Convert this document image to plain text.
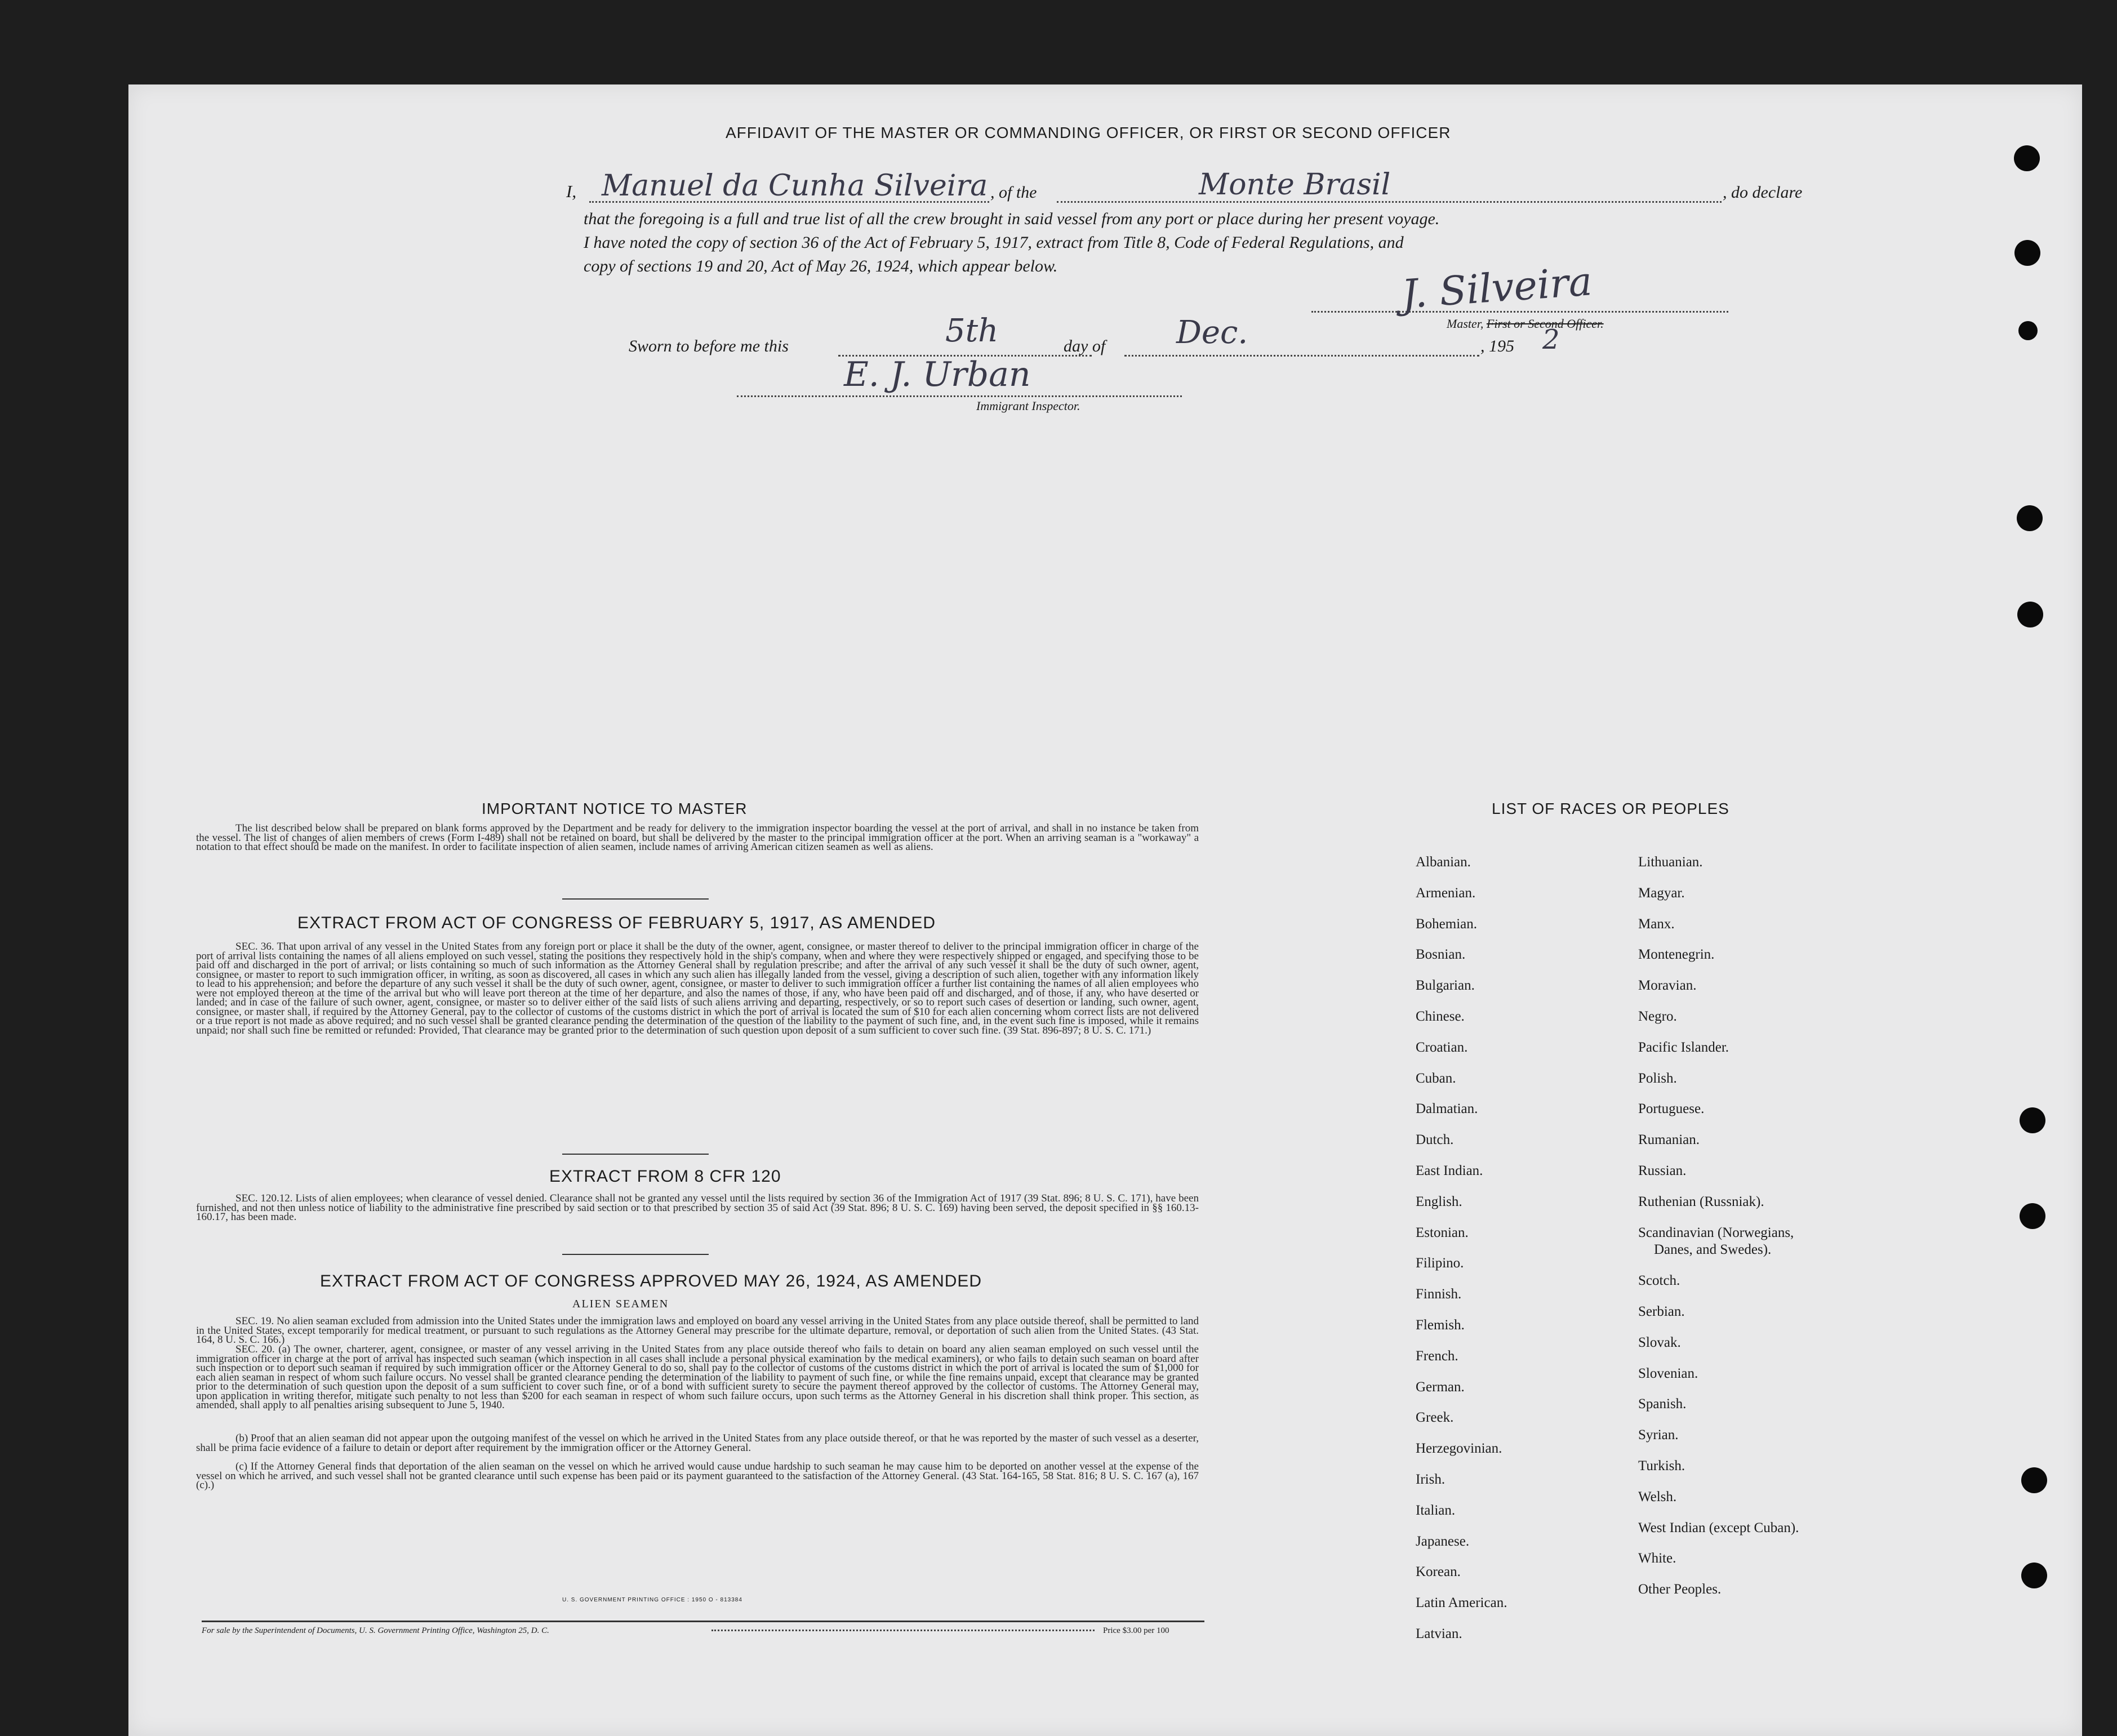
AFFIDAVIT OF THE MASTER OR COMMANDING OFFICER, OR FIRST OR SECOND OFFICER
I, Manuel da Cunha Silveira , of the	Monte Brasil	, do declare
that the foregoing is a full and true list of all the crew brought in said vessel from any port or place during her present voyage.
I have noted the copy of section 36 of the Act of February 5, 1917, extract from Title 8, Code of Federal Regulations, and
copy of sections 19 and 20, Act of May 26, 1924, which appear below.	J. Silveira
Master, First or Second Officer.
Sworn to before me this	5th	day of Dec.	, 195 2
E. J. Urban
Immigrant Inspector.
IMPORTANT NOTICE TO MASTER
The list described below shall be prepared on blank forms approved by the Department and be ready for delivery to the immigration inspector boarding the vessel at the port of arrival, and shall in no instance be taken from the vessel. The list of changes of alien members of crews (Form I-489) shall not be retained on board, but shall be delivered by the master to the principal immigration officer at the port. When an arriving seaman is a "workaway" a notation to that effect should be made on the manifest. In order to facilitate inspection of alien seamen, include names of arriving American citizen seamen as well as aliens.
EXTRACT FROM ACT OF CONGRESS OF FEBRUARY 5, 1917, AS AMENDED
SEC. 36. That upon arrival of any vessel in the United States from any foreign port or place it shall be the duty of the owner, agent, consignee, or master thereof to deliver to the principal immigration officer in charge of the port of arrival lists containing the names of all aliens employed on such vessel, stating the positions they respectively hold in the ship's company, when and where they were respectively shipped or engaged, and specifying those to be paid off and discharged in the port of arrival; or lists containing so much of such information as the Attorney General shall by regulation prescribe; and after the arrival of any such vessel it shall be the duty of such owner, agent, consignee, or master to report to such immigration officer, in writing, as soon as discovered, all cases in which any such alien has illegally landed from the vessel, giving a description of such alien, together with any information likely to lead to his apprehension; and before the departure of any such vessel it shall be the duty of such owner, agent, consignee, or master to deliver to such immigration officer a further list containing the names of all alien employees who were not employed thereon at the time of the arrival but who will leave port thereon at the time of her departure, and also the names of those, if any, who have been paid off and discharged, and of those, if any, who have deserted or landed; and in case of the failure of such owner, agent, consignee, or master so to deliver either of the said lists of such aliens arriving and departing, respectively, or so to report such cases of desertion or landing, such owner, agent, consignee, or master shall, if required by the Attorney General, pay to the collector of customs of the customs district in which the port of arrival is located the sum of $10 for each alien concerning whom correct lists are not delivered or a true report is not made as above required; and no such vessel shall be granted clearance pending the determination of the question of the liability to the payment of such fine, and, in the event such fine is imposed, while it remains unpaid; nor shall such fine be remitted or refunded: Provided, That clearance may be granted prior to the determination of such question upon deposit of a sum sufficient to cover such fine. (39 Stat. 896-897; 8 U. S. C. 171.)
EXTRACT FROM 8 CFR 120
SEC. 120.12. Lists of alien employees; when clearance of vessel denied. Clearance shall not be granted any vessel until the lists required by section 36 of the Immigration Act of 1917 (39 Stat. 896; 8 U. S. C. 171), have been furnished, and not then unless notice of liability to the administrative fine prescribed by said section or to that prescribed by section 35 of said Act (39 Stat. 896; 8 U. S. C. 169) having been served, the deposit specified in §§ 160.13-160.17, has been made.
EXTRACT FROM ACT OF CONGRESS APPROVED MAY 26, 1924, AS AMENDED
ALIEN SEAMEN
SEC. 19. No alien seaman excluded from admission into the United States under the immigration laws and employed on board any vessel arriving in the United States from any place outside thereof, shall be permitted to land in the United States, except temporarily for medical treatment, or pursuant to such regulations as the Attorney General may prescribe for the ultimate departure, removal, or deportation of such alien from the United States. (43 Stat. 164, 8 U. S. C. 166.)
SEC. 20. (a) The owner, charterer, agent, consignee, or master of any vessel arriving in the United States from any place outside thereof who fails to detain on board any alien seaman employed on such vessel until the immigration officer in charge at the port of arrival has inspected such seaman (which inspection in all cases shall include a personal physical examination by the medical examiners), or who fails to detain such seaman on board after such inspection or to deport such seaman if required by such immigration officer or the Attorney General to do so, shall pay to the collector of customs of the customs district in which the port of arrival is located the sum of $1,000 for each alien seaman in respect of whom such failure occurs. No vessel shall be granted clearance pending the determination of the liability to payment of such fine, or while the fine remains unpaid, except that clearance may be granted prior to the determination of such question upon the deposit of a sum sufficient to cover such fine, or of a bond with sufficient surety to secure the payment thereof approved by the collector of customs. The Attorney General may, upon application in writing therefor, mitigate such penalty to not less than $200 for each seaman in respect of whom such failure occurs, upon such terms as the Attorney General in his discretion shall think proper. This section, as amended, shall apply to all penalties arising subsequent to June 5, 1940.
(b) Proof that an alien seaman did not appear upon the outgoing manifest of the vessel on which he arrived in the United States from any place outside thereof, or that he was reported by the master of such vessel as a deserter, shall be prima facie evidence of a failure to detain or deport after requirement by the immigration officer or the Attorney General.
(c) If the Attorney General finds that deportation of the alien seaman on the vessel on which he arrived would cause undue hardship to such seaman he may cause him to be deported on another vessel at the expense of the vessel on which he arrived, and such vessel shall not be granted clearance until such expense has been paid or its payment guaranteed to the satisfaction of the Attorney General. (43 Stat. 164-165, 58 Stat. 816; 8 U. S. C. 167 (a), 167 (c).)
U. S. GOVERNMENT PRINTING OFFICE : 1950 O - 813384
For sale by the Superintendent of Documents, U. S. Government Printing Office, Washington 25, D. C.	Price $3.00 per 100
LIST OF RACES OR PEOPLES
Albanian.
Armenian.
Bohemian.
Bosnian.
Bulgarian.
Chinese.
Croatian.
Cuban.
Dalmatian.
Dutch.
East Indian.
English.
Estonian.
Filipino.
Finnish.
Flemish.
French.
German.
Greek.
Herzegovinian.
Irish.
Italian.
Japanese.
Korean.
Latin American.
Latvian.
Lithuanian.
Magyar.
Manx.
Montenegrin.
Moravian.
Negro.
Pacific Islander.
Polish.
Portuguese.
Rumanian.
Russian.
Ruthenian (Russniak).
Scandinavian (Norwegians,
Danes, and Swedes).
Scotch.
Serbian.
Slovak.
Slovenian.
Spanish.
Syrian.
Turkish.
Welsh.
West Indian (except Cuban).
White.
Other Peoples.
